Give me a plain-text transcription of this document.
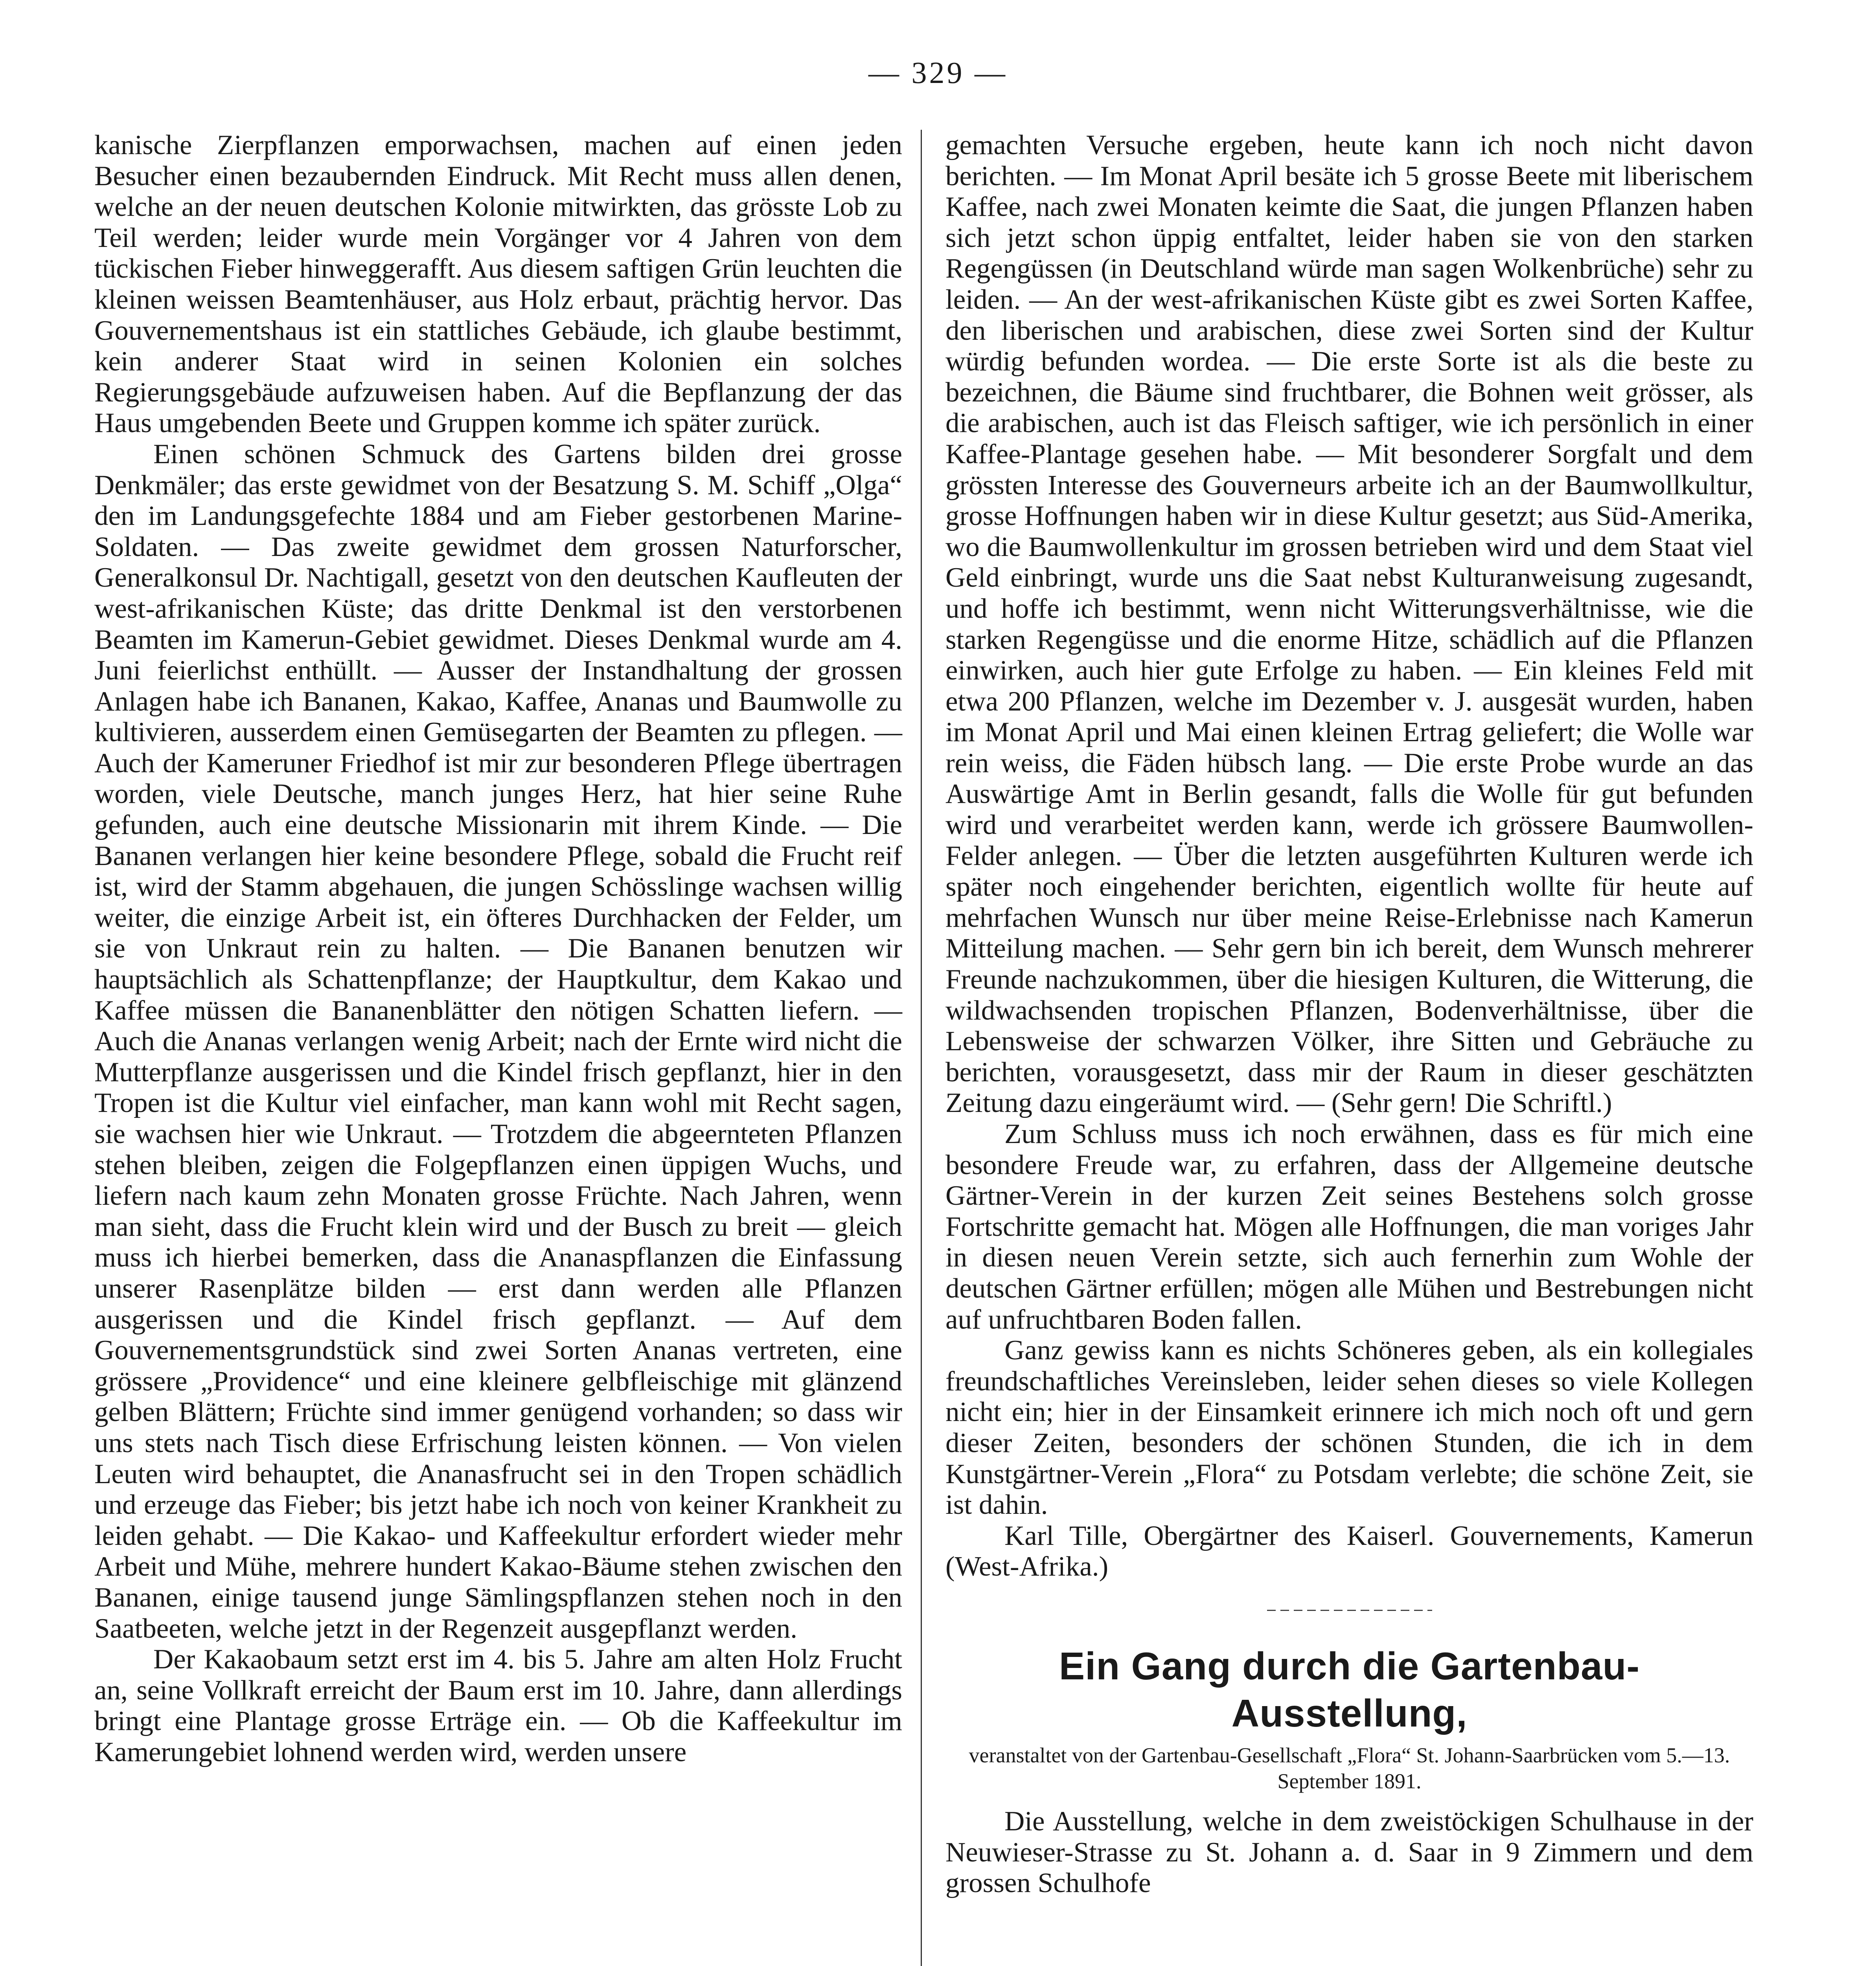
— 329 —

kanische Zierpflanzen emporwachsen, machen auf einen jeden Besucher einen bezaubernden Eindruck. Mit Recht muss allen denen, welche an der neuen deutschen Kolonie mitwirkten, das grösste Lob zu Teil werden; leider wurde mein Vorgänger vor 4 Jahren von dem tückischen Fieber hinweggerafft. Aus diesem saftigen Grün leuchten die kleinen weissen Beamtenhäuser, aus Holz erbaut, prächtig hervor. Das Gouvernementshaus ist ein stattliches Gebäude, ich glaube bestimmt, kein anderer Staat wird in seinen Kolonien ein solches Regierungsgebäude aufzuweisen haben. Auf die Bepflanzung der das Haus umgebenden Beete und Gruppen komme ich später zurück.

Einen schönen Schmuck des Gartens bilden drei grosse Denkmäler; das erste gewidmet von der Besatzung S. M. Schiff „Olga“ den im Landungsgefechte 1884 und am Fieber gestorbenen Marine-Soldaten. — Das zweite gewidmet dem grossen Naturforscher, Generalkonsul Dr. Nachtigall, gesetzt von den deutschen Kaufleuten der west-afrikanischen Küste; das dritte Denkmal ist den verstorbenen Beamten im Kamerun-Gebiet gewidmet. Dieses Denkmal wurde am 4. Juni feierlichst enthüllt. — Ausser der Instandhaltung der grossen Anlagen habe ich Bananen, Kakao, Kaffee, Ananas und Baumwolle zu kultivieren, ausserdem einen Gemüsegarten der Beamten zu pflegen. — Auch der Kameruner Friedhof ist mir zur besonderen Pflege übertragen worden, viele Deutsche, manch junges Herz, hat hier seine Ruhe gefunden, auch eine deutsche Missionarin mit ihrem Kinde. — Die Bananen verlangen hier keine besondere Pflege, sobald die Frucht reif ist, wird der Stamm abgehauen, die jungen Schösslinge wachsen willig weiter, die einzige Arbeit ist, ein öfteres Durchhacken der Felder, um sie von Unkraut rein zu halten. — Die Bananen benutzen wir hauptsächlich als Schattenpflanze; der Hauptkultur, dem Kakao und Kaffee müssen die Bananenblätter den nötigen Schatten liefern. — Auch die Ananas verlangen wenig Arbeit; nach der Ernte wird nicht die Mutterpflanze ausgerissen und die Kindel frisch gepflanzt, hier in den Tropen ist die Kultur viel einfacher, man kann wohl mit Recht sagen, sie wachsen hier wie Unkraut. — Trotzdem die abgeernteten Pflanzen stehen bleiben, zeigen die Folgepflanzen einen üppigen Wuchs, und liefern nach kaum zehn Monaten grosse Früchte. Nach Jahren, wenn man sieht, dass die Frucht klein wird und der Busch zu breit — gleich muss ich hierbei bemerken, dass die Ananaspflanzen die Einfassung unserer Rasenplätze bilden — erst dann werden alle Pflanzen ausgerissen und die Kindel frisch gepflanzt. — Auf dem Gouvernementsgrundstück sind zwei Sorten Ananas vertreten, eine grössere „Providence“ und eine kleinere gelbfleischige mit glänzend gelben Blättern; Früchte sind immer genügend vorhanden; so dass wir uns stets nach Tisch diese Erfrischung leisten können. — Von vielen Leuten wird behauptet, die Ananasfrucht sei in den Tropen schädlich und erzeuge das Fieber; bis jetzt habe ich noch von keiner Krankheit zu leiden gehabt. — Die Kakao- und Kaffeekultur erfordert wieder mehr Arbeit und Mühe, mehrere hundert Kakao-Bäume stehen zwischen den Bananen, einige tausend junge Sämlingspflanzen stehen noch in den Saatbeeten, welche jetzt in der Regenzeit ausgepflanzt werden.

Der Kakaobaum setzt erst im 4. bis 5. Jahre am alten Holz Frucht an, seine Vollkraft erreicht der Baum erst im 10. Jahre, dann allerdings bringt eine Plantage grosse Erträge ein. — Ob die Kaffeekultur im Kamerungebiet lohnend werden wird, werden unsere

gemachten Versuche ergeben, heute kann ich noch nicht davon berichten. — Im Monat April besäte ich 5 grosse Beete mit liberischem Kaffee, nach zwei Monaten keimte die Saat, die jungen Pflanzen haben sich jetzt schon üppig entfaltet, leider haben sie von den starken Regengüssen (in Deutschland würde man sagen Wolkenbrüche) sehr zu leiden. — An der west-afrikanischen Küste gibt es zwei Sorten Kaffee, den liberischen und arabischen, diese zwei Sorten sind der Kultur würdig befunden wordea. — Die erste Sorte ist als die beste zu bezeichnen, die Bäume sind fruchtbarer, die Bohnen weit grösser, als die arabischen, auch ist das Fleisch saftiger, wie ich persönlich in einer Kaffee-Plantage gesehen habe. — Mit besonderer Sorgfalt und dem grössten Interesse des Gouverneurs arbeite ich an der Baumwollkultur, grosse Hoffnungen haben wir in diese Kultur gesetzt; aus Süd-Amerika, wo die Baumwollenkultur im grossen betrieben wird und dem Staat viel Geld einbringt, wurde uns die Saat nebst Kulturanweisung zugesandt, und hoffe ich bestimmt, wenn nicht Witterungsverhältnisse, wie die starken Regengüsse und die enorme Hitze, schädlich auf die Pflanzen einwirken, auch hier gute Erfolge zu haben. — Ein kleines Feld mit etwa 200 Pflanzen, welche im Dezember v. J. ausgesät wurden, haben im Monat April und Mai einen kleinen Ertrag geliefert; die Wolle war rein weiss, die Fäden hübsch lang. — Die erste Probe wurde an das Auswärtige Amt in Berlin gesandt, falls die Wolle für gut befunden wird und verarbeitet werden kann, werde ich grössere Baumwollen-Felder anlegen. — Über die letzten ausgeführten Kulturen werde ich später noch eingehender berichten, eigentlich wollte für heute auf mehrfachen Wunsch nur über meine Reise-Erlebnisse nach Kamerun Mitteilung machen. — Sehr gern bin ich bereit, dem Wunsch mehrerer Freunde nachzukommen, über die hiesigen Kulturen, die Witterung, die wildwachsenden tropischen Pflanzen, Bodenverhältnisse, über die Lebensweise der schwarzen Völker, ihre Sitten und Gebräuche zu berichten, vorausgesetzt, dass mir der Raum in dieser geschätzten Zeitung dazu eingeräumt wird. — (Sehr gern! Die Schriftl.)

Zum Schluss muss ich noch erwähnen, dass es für mich eine besondere Freude war, zu erfahren, dass der Allgemeine deutsche Gärtner-Verein in der kurzen Zeit seines Bestehens solch grosse Fortschritte gemacht hat. Mögen alle Hoffnungen, die man voriges Jahr in diesen neuen Verein setzte, sich auch fernerhin zum Wohle der deutschen Gärtner erfüllen; mögen alle Mühen und Bestrebungen nicht auf unfruchtbaren Boden fallen.

Ganz gewiss kann es nichts Schöneres geben, als ein kollegiales freundschaftliches Vereinsleben, leider sehen dieses so viele Kollegen nicht ein; hier in der Einsamkeit erinnere ich mich noch oft und gern dieser Zeiten, besonders der schönen Stunden, die ich in dem Kunstgärtner-Verein „Flora“ zu Potsdam verlebte; die schöne Zeit, sie ist dahin.

Karl Tille, Obergärtner des Kaiserl. Gouvernements, Kamerun (West-Afrika.)

Ein Gang durch die Gartenbau-Ausstellung,
veranstaltet von der Gartenbau-Gesellschaft „Flora“ St. Johann-Saarbrücken vom 5.—13. September 1891.

Die Ausstellung, welche in dem zweistöckigen Schulhause in der Neuwieser-Strasse zu St. Johann a. d. Saar in 9 Zimmern und dem grossen Schulhofe
